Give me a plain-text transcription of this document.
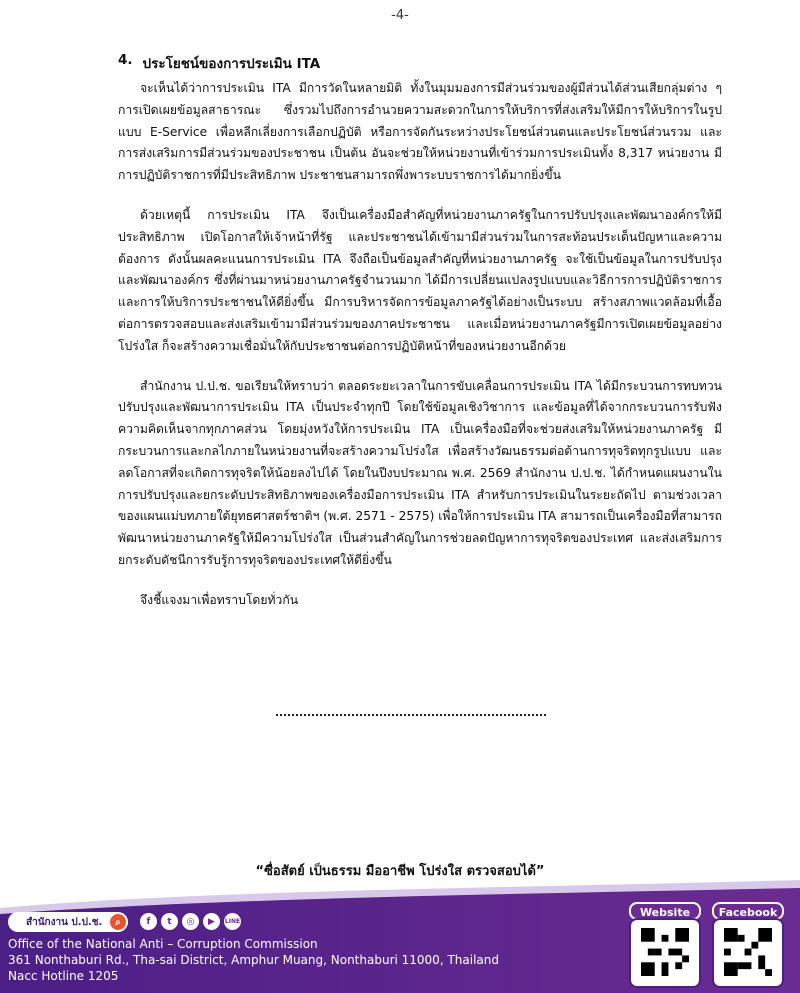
-4-
4. ประโยชน์ของการประเมิน ITA

จะเห็นได้ว่าการประเมิน ITA มีการวัดในหลายมิติ ทั้งในมุมมองการมีส่วนร่วมของผู้มีส่วนได้ส่วนเสียกลุ่มต่าง ๆ การเปิดเผยข้อมูลสาธารณะ ซึ่งรวมไปถึงการอำนวยความสะดวกในการให้บริการที่ส่งเสริมให้มีการให้บริการในรูปแบบ E-Service เพื่อหลีกเลี่ยงการเลือกปฏิบัติ หรือการจัดกันระหว่างประโยชน์ส่วนตนและประโยชน์ส่วนรวม และการส่งเสริมการมีส่วนร่วมของประชาชน เป็นต้น อันจะช่วยให้หน่วยงานที่เข้าร่วมการประเมินทั้ง 8,317 หน่วยงาน มีการปฏิบัติราชการที่มีประสิทธิภาพ ประชาชนสามารถพึ่งพาระบบราชการได้มากยิ่งขึ้น

ด้วยเหตุนี้ การประเมิน ITA จึงเป็นเครื่องมือสำคัญที่หน่วยงานภาครัฐในการปรับปรุงและพัฒนาองค์กรให้มีประสิทธิภาพ เปิดโอกาสให้เจ้าหน้าที่รัฐ และประชาชนได้เข้ามามีส่วนร่วมในการสะท้อนประเด็นปัญหาและความต้องการ ดังนั้นผลคะแนนการประเมิน ITA จึงถือเป็นข้อมูลสำคัญที่หน่วยงานภาครัฐ จะใช้เป็นข้อมูลในการปรับปรุงและพัฒนาองค์กร ซึ่งที่ผ่านมาหน่วยงานภาครัฐจำนวนมาก ได้มีการเปลี่ยนแปลงรูปแบบและวิธีการการปฏิบัติราชการและการให้บริการประชาชนให้ดียิ่งขึ้น มีการบริหารจัดการข้อมูลภาครัฐได้อย่างเป็นระบบ สร้างสภาพแวดล้อมที่เอื้อต่อการตรวจสอบและส่งเสริมเข้ามามีส่วนร่วมของภาคประชาชน และเมื่อหน่วยงานภาครัฐมีการเปิดเผยข้อมูลอย่างโปร่งใส ก็จะสร้างความเชื่อมั่นให้กับประชาชนต่อการปฏิบัติหน้าที่ของหน่วยงานอีกด้วย

สำนักงาน ป.ป.ช. ขอเรียนให้ทราบว่า ตลอดระยะเวลาในการขับเคลื่อนการประเมิน ITA ได้มีกระบวนการทบทวน ปรับปรุงและพัฒนาการประเมิน ITA เป็นประจำทุกปี โดยใช้ข้อมูลเชิงวิชาการ และข้อมูลที่ได้จากกระบวนการรับฟังความคิดเห็นจากทุกภาคส่วน โดยมุ่งหวังให้การประเมิน ITA เป็นเครื่องมือที่จะช่วยส่งเสริมให้หน่วยงานภาครัฐ มีกระบวนการและกลไกภายในหน่วยงานที่จะสร้างความโปร่งใส เพื่อสร้างวัฒนธรรมต่อต้านการทุจริตทุกรูปแบบ และลดโอกาสที่จะเกิดการทุจริตให้น้อยลงไปได้ โดยในปีงบประมาณ พ.ศ. 2569 สำนักงาน ป.ป.ช. ได้กำหนดแผนงานในการปรับปรุงและยกระดับประสิทธิภาพของเครื่องมือการประเมิน ITA สำหรับการประเมินในระยะถัดไป ตามช่วงเวลาของแผนแม่บทภายใต้ยุทธศาสตร์ชาติฯ (พ.ศ. 2571 - 2575) เพื่อให้การประเมิน ITA สามารถเป็นเครื่องมือที่สามารถพัฒนาหน่วยงานภาครัฐให้มีความโปร่งใส เป็นส่วนสำคัญในการช่วยลดปัญหาการทุจริตของประเทศ และส่งเสริมการยกระดับดัชนีการรับรู้การทุจริตของประเทศให้ดียิ่งขึ้น

จึงชี้แจงมาเพื่อทราบโดยทั่วกัน

“ซื่อสัตย์ เป็นธรรม มืออาชีพ โปร่งใส ตรวจสอบได้”
สำนักงาน ป.ป.ช.	⌕	f	t	◎	▶	LINE
Office of the National Anti – Corruption Commission
361 Nonthaburi Rd., Tha-sai District, Amphur Muang, Nonthaburi 11000, Thailand
Nacc Hotline 1205
Website	Facebook
